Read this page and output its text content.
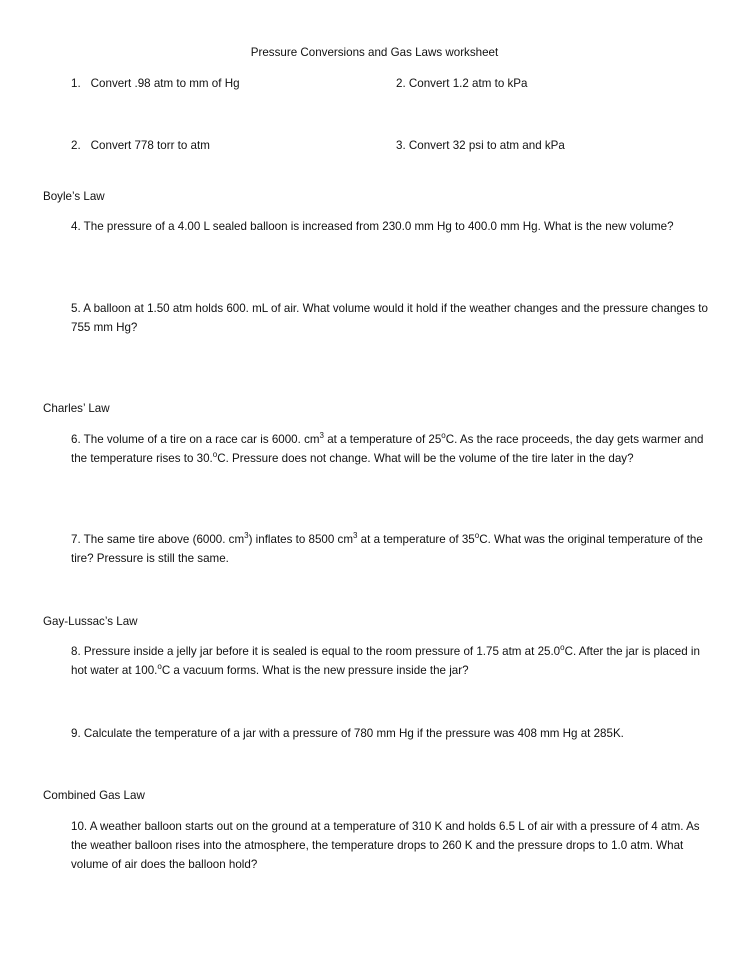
Pressure Conversions and Gas Laws worksheet
1. Convert .98 atm to mm of Hg	2. Convert 1.2 atm to kPa
2. Convert 778 torr to atm	3. Convert 32 psi to atm and kPa
Boyle’s Law
4. The pressure of a 4.00 L sealed balloon is increased from 230.0 mm Hg to 400.0 mm Hg. What is the new volume?
5. A balloon at 1.50 atm holds 600. mL of air. What volume would it hold if the weather changes and the pressure changes to 755 mm Hg?
Charles’ Law
6. The volume of a tire on a race car is 6000. $cm^3$ at a temperature of 25$^o$C. As the race proceeds, the day gets warmer and the temperature rises to 30.$^o$C. Pressure does not change. What will be the volume of the tire later in the day?
7. The same tire above (6000. $cm^3$) inflates to 8500 $cm^3$ at a temperature of 35$^o$C. What was the original temperature of the tire? Pressure is still the same.
Gay-Lussac’s Law
8. Pressure inside a jelly jar before it is sealed is equal to the room pressure of 1.75 atm at 25.0$^o$C. After the jar is placed in hot water at 100.$^o$C a vacuum forms. What is the new pressure inside the jar?
9. Calculate the temperature of a jar with a pressure of 780 mm Hg if the pressure was 408 mm Hg at 285K.
Combined Gas Law
10. A weather balloon starts out on the ground at a temperature of 310 K and holds 6.5 L of air with a pressure of 4 atm. As the weather balloon rises into the atmosphere, the temperature drops to 260 K and the pressure drops to 1.0 atm. What volume of air does the balloon hold?
